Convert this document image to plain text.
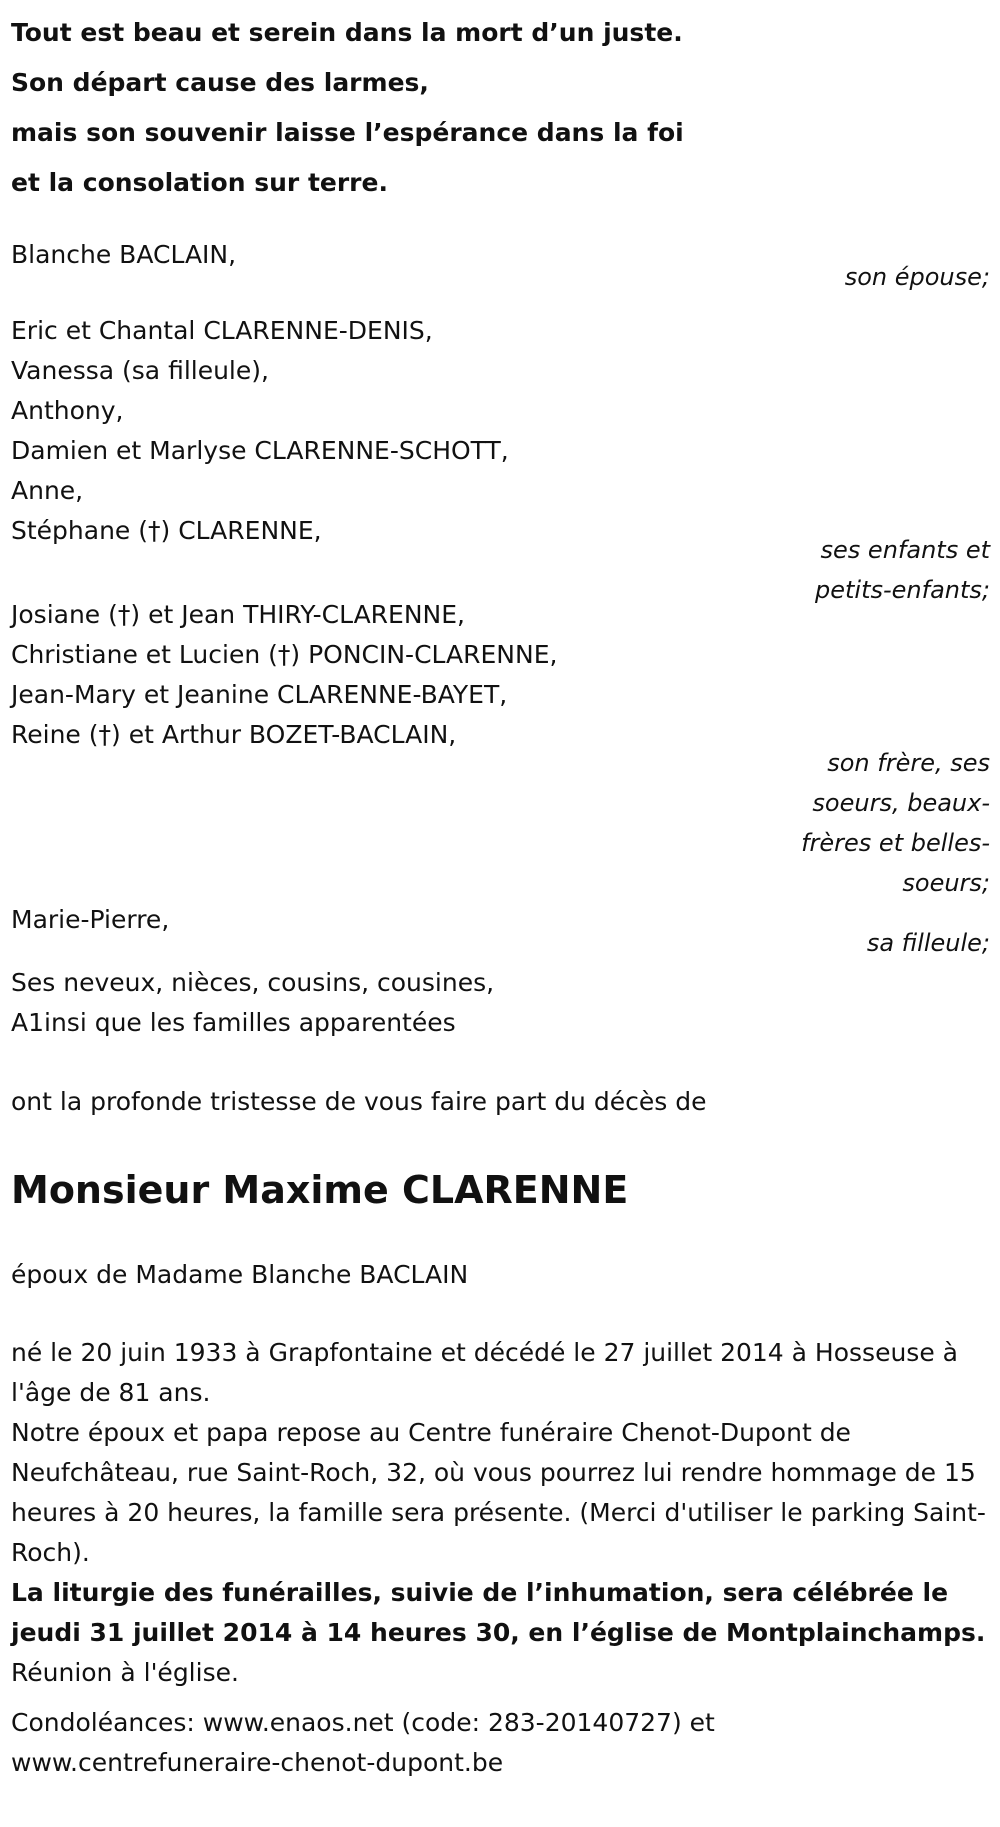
Tout est beau et serein dans la mort d’un juste.
Son départ cause des larmes,
mais son souvenir laisse l’espérance dans la foi
et la consolation sur terre.
Blanche BACLAIN,
son épouse;
Eric et Chantal CLARENNE-DENIS,
Vanessa (sa filleule),
Anthony,
Damien et Marlyse CLARENNE-SCHOTT,
Anne,
Stéphane (†) CLARENNE,
ses enfants et petits-enfants;
Josiane (†) et Jean THIRY-CLARENNE,
Christiane et Lucien (†) PONCIN-CLARENNE,
Jean-Mary et Jeanine CLARENNE-BAYET,
Reine (†) et Arthur BOZET-BACLAIN,
son frère, ses soeurs, beaux-frères et belles-soeurs;
Marie-Pierre,
sa filleule;
Ses neveux, nièces, cousins, cousines,
A1insi que les familles apparentées
ont la profonde tristesse de vous faire part du décès de
Monsieur Maxime CLARENNE
époux de Madame Blanche BACLAIN
né le 20 juin 1933 à Grapfontaine et décédé le 27 juillet 2014 à Hosseuse à l'âge de 81 ans.
Notre époux et papa repose au Centre funéraire Chenot-Dupont de Neufchâteau, rue Saint-Roch, 32, où vous pourrez lui rendre hommage de 15 heures à 20 heures, la famille sera présente. (Merci d'utiliser le parking Saint-Roch).
La liturgie des funérailles, suivie de l’inhumation, sera célébrée le jeudi 31 juillet 2014 à 14 heures 30, en l’église de Montplainchamps.
Réunion à l'église.
Condoléances: www.enaos.net (code: 283-20140727) et
www.centrefuneraire-chenot-dupont.be
